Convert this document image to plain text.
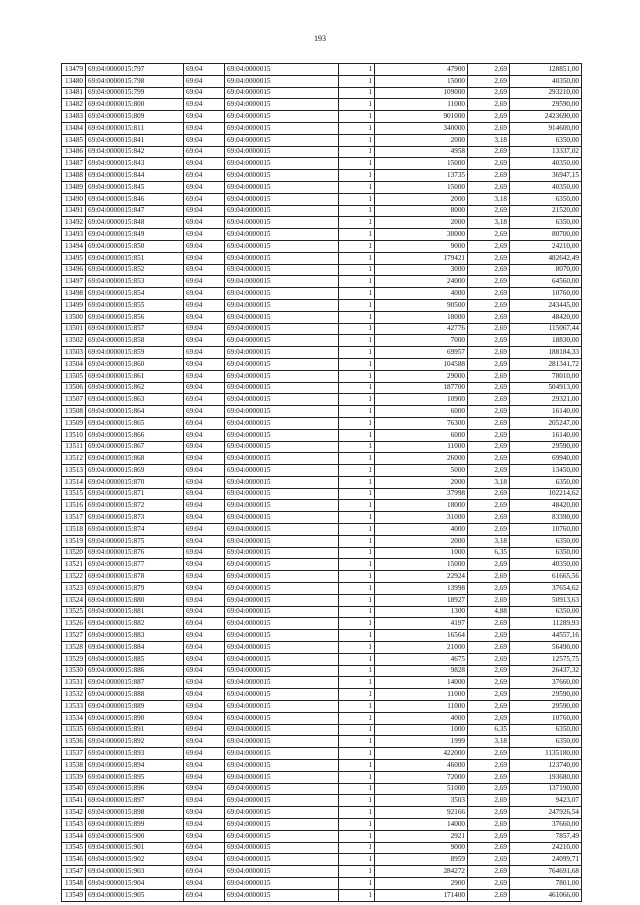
193
13479	69:04:0000015:797	69:04	69:04:0000015	1	47900	2,69	128851,00
13480	69:04:0000015:798	69:04	69:04:0000015	1	15000	2,69	40350,00
13481	69:04:0000015:799	69:04	69:04:0000015	1	109000	2,69	293210,00
13482	69:04:0000015:800	69:04	69:04:0000015	1	11000	2,69	29590,00
13483	69:04:0000015:809	69:04	69:04:0000015	1	901000	2,69	2423690,00
13484	69:04:0000015:811	69:04	69:04:0000015	1	340000	2,69	914600,00
13485	69:04:0000015:841	69:04	69:04:0000015	1	2000	3,18	6350,00
13486	69:04:0000015:842	69:04	69:04:0000015	1	4958	2,69	13337,02
13487	69:04:0000015:843	69:04	69:04:0000015	1	15000	2,69	40350,00
13488	69:04:0000015:844	69:04	69:04:0000015	1	13735	2,69	36947,15
13489	69:04:0000015:845	69:04	69:04:0000015	1	15000	2,69	40350,00
13490	69:04:0000015:846	69:04	69:04:0000015	1	2000	3,18	6350,00
13491	69:04:0000015:847	69:04	69:04:0000015	1	8000	2,69	21520,00
13492	69:04:0000015:848	69:04	69:04:0000015	1	2000	3,18	6350,00
13493	69:04:0000015:849	69:04	69:04:0000015	1	30000	2,69	80700,00
13494	69:04:0000015:850	69:04	69:04:0000015	1	9000	2,69	24210,00
13495	69:04:0000015:851	69:04	69:04:0000015	1	179421	2,69	482642,49
13496	69:04:0000015:852	69:04	69:04:0000015	1	3000	2,69	8070,00
13497	69:04:0000015:853	69:04	69:04:0000015	1	24000	2,69	64560,00
13498	69:04:0000015:854	69:04	69:04:0000015	1	4000	2,69	10760,00
13499	69:04:0000015:855	69:04	69:04:0000015	1	90500	2,69	243445,00
13500	69:04:0000015:856	69:04	69:04:0000015	1	18000	2,69	48420,00
13501	69:04:0000015:857	69:04	69:04:0000015	1	42776	2,69	115067,44
13502	69:04:0000015:858	69:04	69:04:0000015	1	7000	2,69	18830,00
13503	69:04:0000015:859	69:04	69:04:0000015	1	69957	2,69	188184,33
13504	69:04:0000015:860	69:04	69:04:0000015	1	104588	2,69	281341,72
13505	69:04:0000015:861	69:04	69:04:0000015	1	29000	2,69	78010,00
13506	69:04:0000015:862	69:04	69:04:0000015	1	187700	2,69	504913,00
13507	69:04:0000015:863	69:04	69:04:0000015	1	10900	2,69	29321,00
13508	69:04:0000015:864	69:04	69:04:0000015	1	6000	2,69	16140,00
13509	69:04:0000015:865	69:04	69:04:0000015	1	76300	2,69	205247,00
13510	69:04:0000015:866	69:04	69:04:0000015	1	6000	2,69	16140,00
13511	69:04:0000015:867	69:04	69:04:0000015	1	11000	2,69	29590,00
13512	69:04:0000015:868	69:04	69:04:0000015	1	26000	2,69	69940,00
13513	69:04:0000015:869	69:04	69:04:0000015	1	5000	2,69	13450,00
13514	69:04:0000015:870	69:04	69:04:0000015	1	2000	3,18	6350,00
13515	69:04:0000015:871	69:04	69:04:0000015	1	37998	2,69	102214,62
13516	69:04:0000015:872	69:04	69:04:0000015	1	18000	2,69	48420,00
13517	69:04:0000015:873	69:04	69:04:0000015	1	31000	2,69	83390,00
13518	69:04:0000015:874	69:04	69:04:0000015	1	4000	2,69	10760,00
13519	69:04:0000015:875	69:04	69:04:0000015	1	2000	3,18	6350,00
13520	69:04:0000015:876	69:04	69:04:0000015	1	1000	6,35	6350,00
13521	69:04:0000015:877	69:04	69:04:0000015	1	15000	2,69	40350,00
13522	69:04:0000015:878	69:04	69:04:0000015	1	22924	2,69	61665,56
13523	69:04:0000015:879	69:04	69:04:0000015	1	13998	2,69	37654,62
13524	69:04:0000015:880	69:04	69:04:0000015	1	18927	2,69	50913,63
13525	69:04:0000015:881	69:04	69:04:0000015	1	1300	4,88	6350,00
13526	69:04:0000015:882	69:04	69:04:0000015	1	4197	2,69	11289,93
13527	69:04:0000015:883	69:04	69:04:0000015	1	16564	2,69	44557,16
13528	69:04:0000015:884	69:04	69:04:0000015	1	21000	2,69	56490,00
13529	69:04:0000015:885	69:04	69:04:0000015	1	4675	2,69	12575,75
13530	69:04:0000015:886	69:04	69:04:0000015	1	9828	2,69	26437,32
13531	69:04:0000015:887	69:04	69:04:0000015	1	14000	2,69	37660,00
13532	69:04:0000015:888	69:04	69:04:0000015	1	11000	2,69	29590,00
13533	69:04:0000015:889	69:04	69:04:0000015	1	11000	2,69	29590,00
13534	69:04:0000015:890	69:04	69:04:0000015	1	4000	2,69	10760,00
13535	69:04:0000015:891	69:04	69:04:0000015	1	1000	6,35	6350,00
13536	69:04:0000015:892	69:04	69:04:0000015	1	1999	3,18	6350,00
13537	69:04:0000015:893	69:04	69:04:0000015	1	422000	2,69	1135180,00
13538	69:04:0000015:894	69:04	69:04:0000015	1	46000	2,69	123740,00
13539	69:04:0000015:895	69:04	69:04:0000015	1	72000	2,69	193680,00
13540	69:04:0000015:896	69:04	69:04:0000015	1	51000	2,69	137190,00
13541	69:04:0000015:897	69:04	69:04:0000015	1	3503	2,69	9423,07
13542	69:04:0000015:898	69:04	69:04:0000015	1	92166	2,69	247926,54
13543	69:04:0000015:899	69:04	69:04:0000015	1	14000	2,69	37660,00
13544	69:04:0000015:900	69:04	69:04:0000015	1	2921	2,69	7857,49
13545	69:04:0000015:901	69:04	69:04:0000015	1	9000	2,69	24210,00
13546	69:04:0000015:902	69:04	69:04:0000015	1	8959	2,69	24099,71
13547	69:04:0000015:903	69:04	69:04:0000015	1	284272	2,69	764691,68
13548	69:04:0000015:904	69:04	69:04:0000015	1	2900	2,69	7801,00
13549	69:04:0000015:905	69:04	69:04:0000015	1	171400	2,69	461066,00
